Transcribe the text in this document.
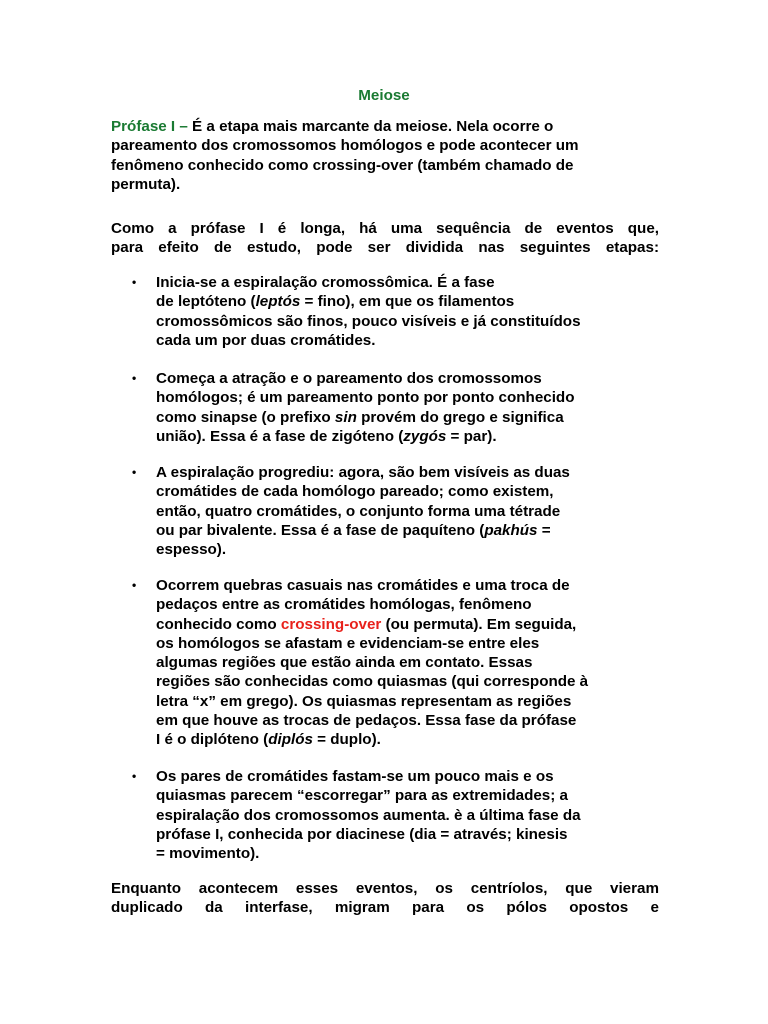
Meiose
Prófase I – É a etapa mais marcante da meiose. Nela ocorre o
pareamento dos cromossomos homólogos e pode acontecer um
fenômeno conhecido como crossing-over (também chamado de
permuta).
Como a prófase I é longa, há uma sequência de eventos que,
para efeito de estudo, pode ser dividida nas seguintes etapas:
• Inicia-se a espiralação cromossômica. É a fase
de leptóteno (leptós = fino), em que os filamentos
cromossômicos são finos, pouco visíveis e já constituídos
cada um por duas cromátides.
• Começa a atração e o pareamento dos cromossomos
homólogos; é um pareamento ponto por ponto conhecido
como sinapse (o prefixo sin provém do grego e significa
união). Essa é a fase de zigóteno (zygós = par).
• A espiralação progrediu: agora, são bem visíveis as duas
cromátides de cada homólogo pareado; como existem,
então, quatro cromátides, o conjunto forma uma tétrade
ou par bivalente. Essa é a fase de paquíteno (pakhús =
espesso).
• Ocorrem quebras casuais nas cromátides e uma troca de
pedaços entre as cromátides homólogas, fenômeno
conhecido como crossing-over (ou permuta). Em seguida,
os homólogos se afastam e evidenciam-se entre eles
algumas regiões que estão ainda em contato. Essas
regiões são conhecidas como quiasmas (qui corresponde à
letra “x” em grego). Os quiasmas representam as regiões
em que houve as trocas de pedaços. Essa fase da prófase
I é o diplóteno (diplós = duplo).
• Os pares de cromátides fastam-se um pouco mais e os
quiasmas parecem “escorregar” para as extremidades; a
espiralação dos cromossomos aumenta. è a última fase da
prófase I, conhecida por diacinese (dia = através; kinesis
= movimento).
Enquanto acontecem esses eventos, os centríolos, que vieram
duplicado da interfase, migram para os pólos opostos e
